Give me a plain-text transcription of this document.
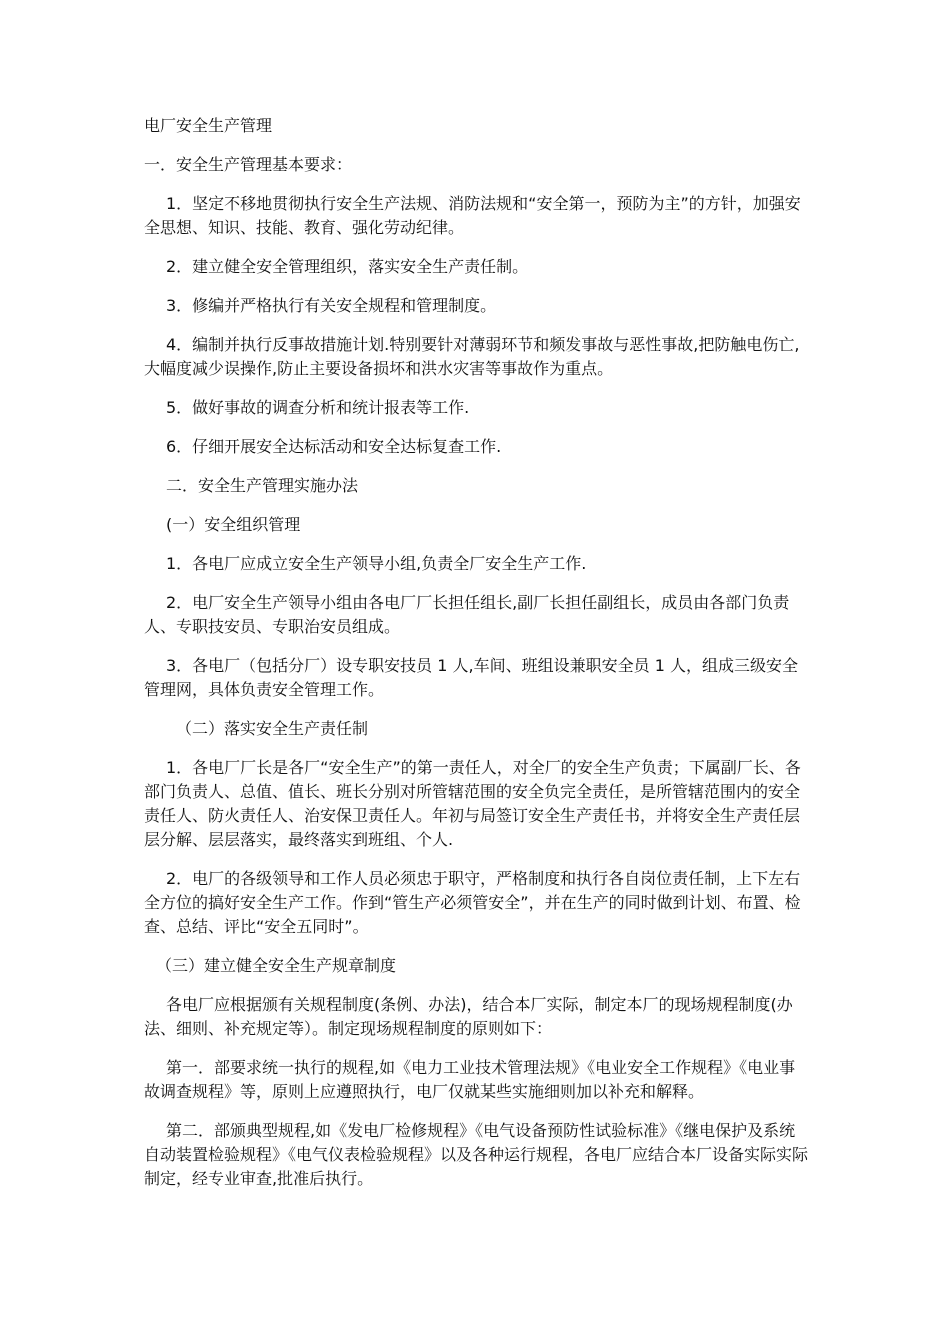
电厂安全生产管理

一．安全生产管理基本要求：

1．坚定不移地贯彻执行安全生产法规、消防法规和“安全第一，预防为主”的方针，加强安全思想、知识、技能、教育、强化劳动纪律。

2．建立健全安全管理组织，落实安全生产责任制。

3．修编并严格执行有关安全规程和管理制度。

4．编制并执行反事故措施计划.特别要针对薄弱环节和频发事故与恶性事故,把防触电伤亡,大幅度减少误操作,防止主要设备损坏和洪水灾害等事故作为重点。

5．做好事故的调查分析和统计报表等工作.

6．仔细开展安全达标活动和安全达标复查工作.

二．安全生产管理实施办法

(一）安全组织管理

1．各电厂应成立安全生产领导小组,负责全厂安全生产工作.

2．电厂安全生产领导小组由各电厂厂长担任组长,副厂长担任副组长，成员由各部门负责人、专职技安员、专职治安员组成。

3．各电厂（包括分厂）设专职安技员 1 人,车间、班组设兼职安全员 1 人，组成三级安全管理网，具体负责安全管理工作。

（二）落实安全生产责任制

1．各电厂厂长是各厂“安全生产”的第一责任人，对全厂的安全生产负责；下属副厂长、各部门负责人、总值、值长、班长分别对所管辖范围的安全负完全责任，是所管辖范围内的安全责任人、防火责任人、治安保卫责任人。年初与局签订安全生产责任书，并将安全生产责任层层分解、层层落实，最终落实到班组、个人.

2．电厂的各级领导和工作人员必须忠于职守，严格制度和执行各自岗位责任制，上下左右全方位的搞好安全生产工作。作到“管生产必须管安全”，并在生产的同时做到计划、布置、检查、总结、评比“安全五同时”。

（三）建立健全安全生产规章制度

各电厂应根据颁有关规程制度(条例、办法)，结合本厂实际，制定本厂的现场规程制度(办法、细则、补充规定等）。制定现场规程制度的原则如下：

第一．部要求统一执行的规程,如《电力工业技术管理法规》《电业安全工作规程》《电业事故调查规程》等，原则上应遵照执行，电厂仅就某些实施细则加以补充和解释。

第二．部颁典型规程,如《发电厂检修规程》《电气设备预防性试验标准》《继电保护及系统自动装置检验规程》《电气仪表检验规程》以及各种运行规程，各电厂应结合本厂设备实际实际制定，经专业审查,批准后执行。
